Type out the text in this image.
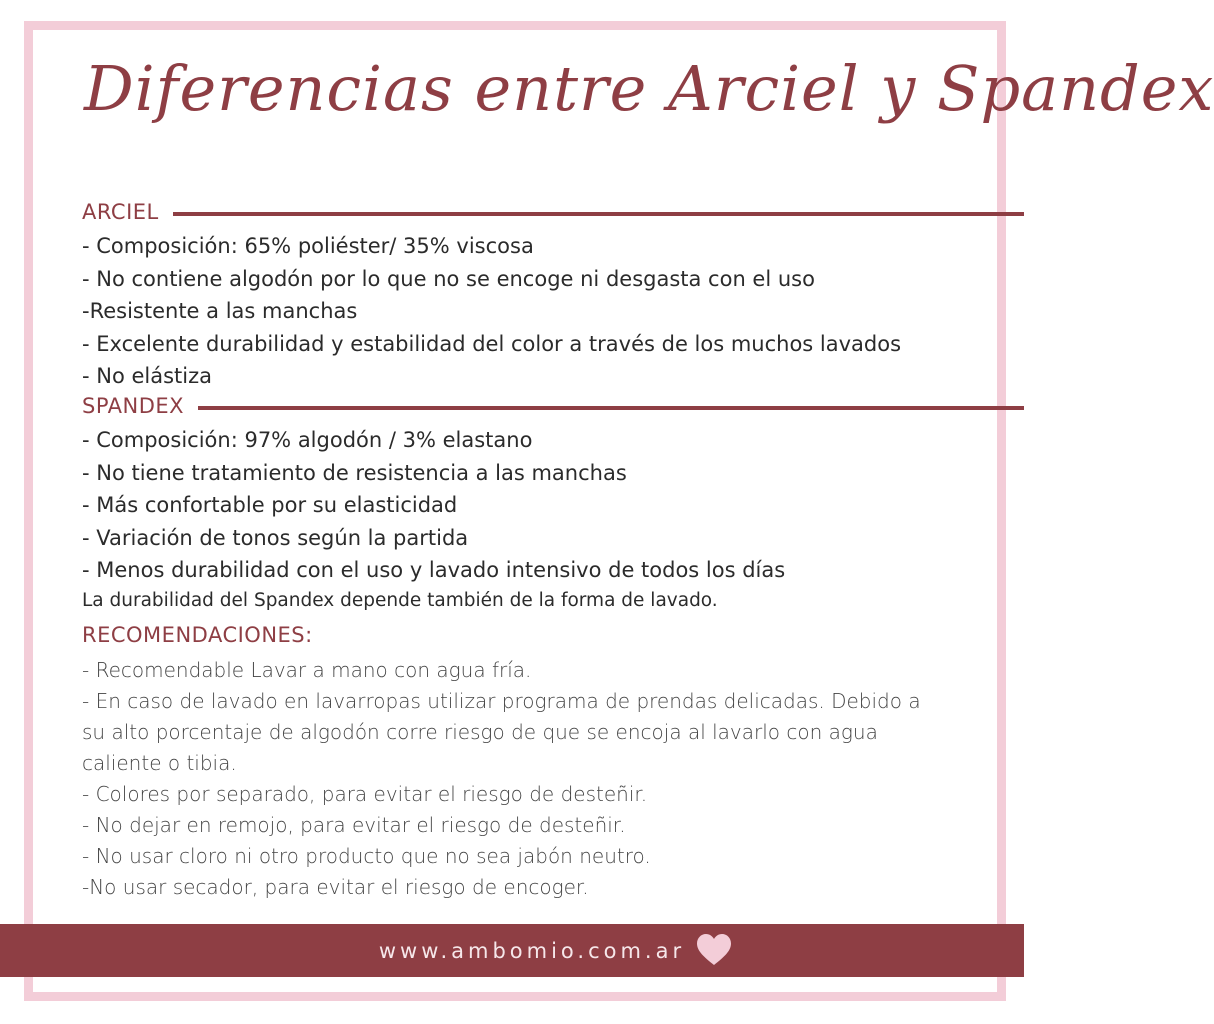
Diferencias entre Arciel y Spandex
ARCIEL
- Composición: 65% poliéster/ 35% viscosa
- No contiene algodón por lo que no se encoge ni desgasta con el uso
-Resistente a las manchas
- Excelente durabilidad y estabilidad del color a través de los muchos lavados
- No elástiza
SPANDEX
- Composición: 97% algodón / 3% elastano
- No tiene tratamiento de resistencia a las manchas
- Más confortable por su elasticidad
- Variación de tonos según la partida
- Menos durabilidad con el uso y lavado intensivo de todos los días
La durabilidad del Spandex depende también de la forma de lavado.
RECOMENDACIONES:
- Recomendable Lavar a mano con agua fría.
- En caso de lavado en lavarropas utilizar programa de prendas delicadas. Debido a su alto porcentaje de algodón corre riesgo de que se encoja al lavarlo con agua caliente o tibia.
- Colores por separado, para evitar el riesgo de desteñir.
- No dejar en remojo, para evitar el riesgo de desteñir.
- No usar cloro ni otro producto que no sea jabón neutro.
-No usar secador, para evitar el riesgo de encoger.
www.ambomio.com.ar
